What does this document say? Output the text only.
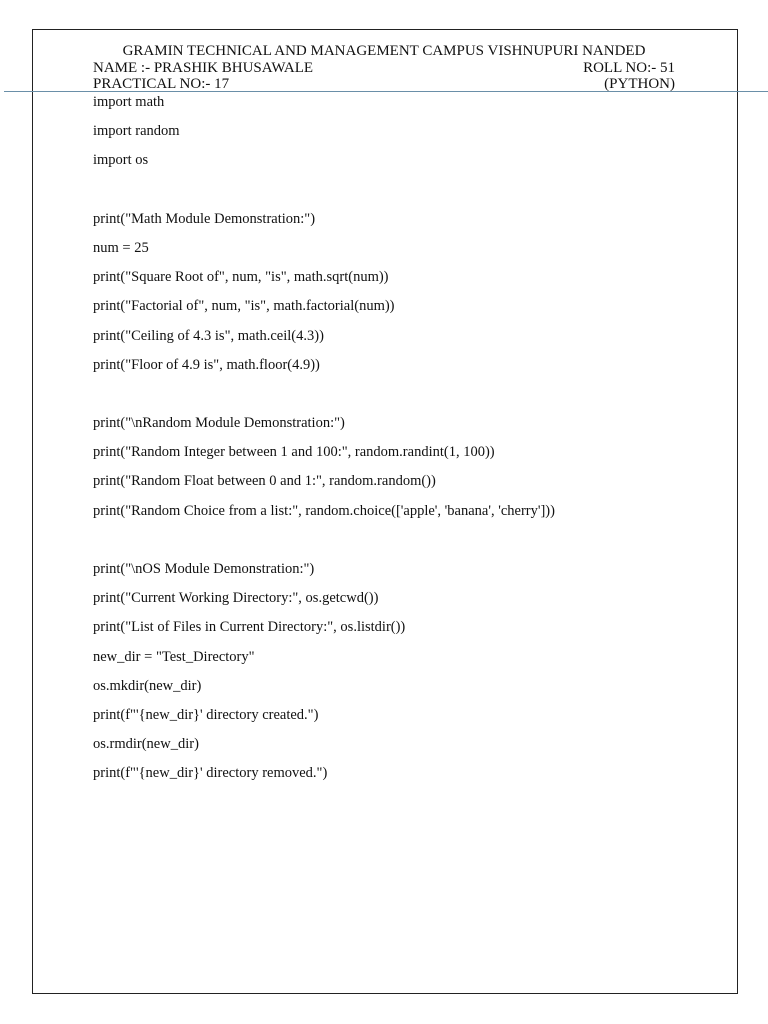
GRAMIN TECHNICAL AND MANAGEMENT CAMPUS VISHNUPURI NANDED
NAME :- PRASHIK BHUSAWALE	ROLL NO:- 51
PRACTICAL NO:- 17	(PYTHON)
import math
import random
import os
print("Math Module Demonstration:")
num = 25
print("Square Root of", num, "is", math.sqrt(num))
print("Factorial of", num, "is", math.factorial(num))
print("Ceiling of 4.3 is", math.ceil(4.3))
print("Floor of 4.9 is", math.floor(4.9))
print("\nRandom Module Demonstration:")
print("Random Integer between 1 and 100:", random.randint(1, 100))
print("Random Float between 0 and 1:", random.random())
print("Random Choice from a list:", random.choice(['apple', 'banana', 'cherry']))
print("\nOS Module Demonstration:")
print("Current Working Directory:", os.getcwd())
print("List of Files in Current Directory:", os.listdir())
new_dir = "Test_Directory"
os.mkdir(new_dir)
print(f"'{new_dir}' directory created.")
os.rmdir(new_dir)
print(f"'{new_dir}' directory removed.")
